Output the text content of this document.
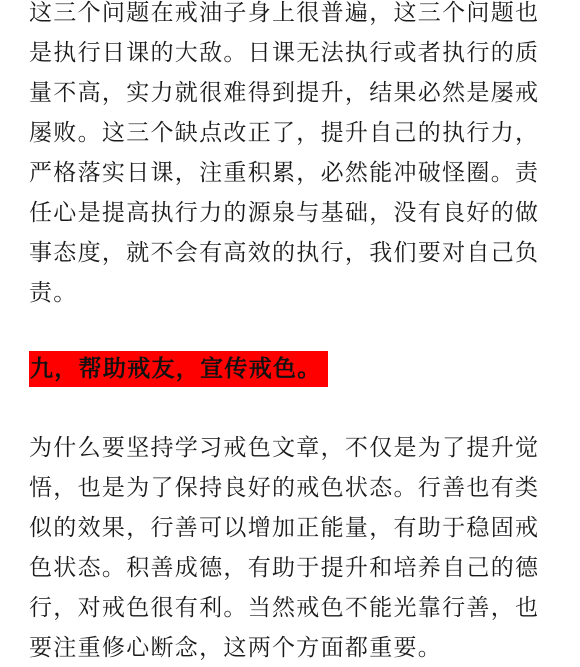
这三个问题在戒油子身上很普遍，这三个问题也
是执行日课的大敌。日课无法执行或者执行的质
量不高，实力就很难得到提升，结果必然是屡戒
屡败。这三个缺点改正了，提升自己的执行力，
严格落实日课，注重积累，必然能冲破怪圈。责
任心是提高执行力的源泉与基础，没有良好的做
事态度，就不会有高效的执行，我们要对自己负
责。
九，帮助戒友，宣传戒色。
为什么要坚持学习戒色文章，不仅是为了提升觉
悟，也是为了保持良好的戒色状态。行善也有类
似的效果，行善可以增加正能量，有助于稳固戒
色状态。积善成德，有助于提升和培养自己的德
行，对戒色很有利。当然戒色不能光靠行善，也
要注重修心断念，这两个方面都重要。
